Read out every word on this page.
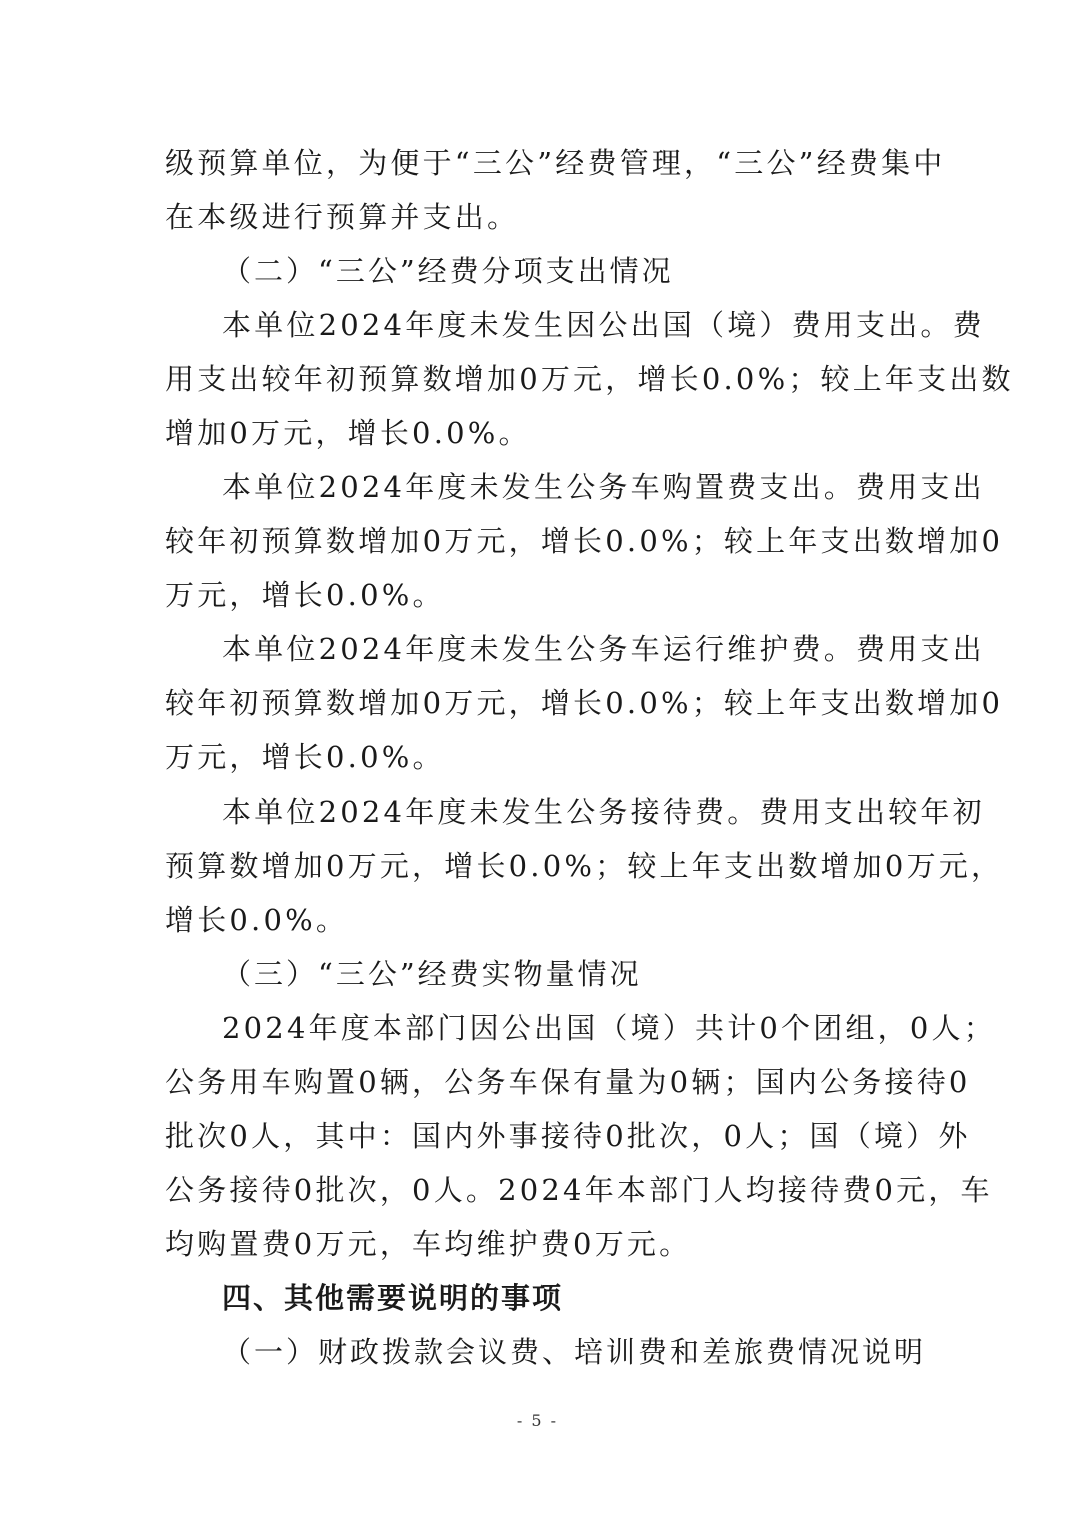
级预算单位，为便于“三公”经费管理，“三公”经费集中
在本级进行预算并支出。
（二）“三公”经费分项支出情况
本单位2024年度未发生因公出国（境）费用支出。费
用支出较年初预算数增加0万元，增长0.0%；较上年支出数
增加0万元，增长0.0%。
本单位2024年度未发生公务车购置费支出。费用支出
较年初预算数增加0万元，增长0.0%；较上年支出数增加0
万元，增长0.0%。
本单位2024年度未发生公务车运行维护费。费用支出
较年初预算数增加0万元，增长0.0%；较上年支出数增加0
万元，增长0.0%。
本单位2024年度未发生公务接待费。费用支出较年初
预算数增加0万元，增长0.0%；较上年支出数增加0万元，
增长0.0%。
（三）“三公”经费实物量情况
2024年度本部门因公出国（境）共计0个团组，0人；
公务用车购置0辆，公务车保有量为0辆；国内公务接待0
批次0人，其中：国内外事接待0批次，0人；国（境）外
公务接待0批次，0人。2024年本部门人均接待费0元，车
均购置费0万元，车均维护费0万元。
四、其他需要说明的事项
（一）财政拨款会议费、培训费和差旅费情况说明
- 5 -
